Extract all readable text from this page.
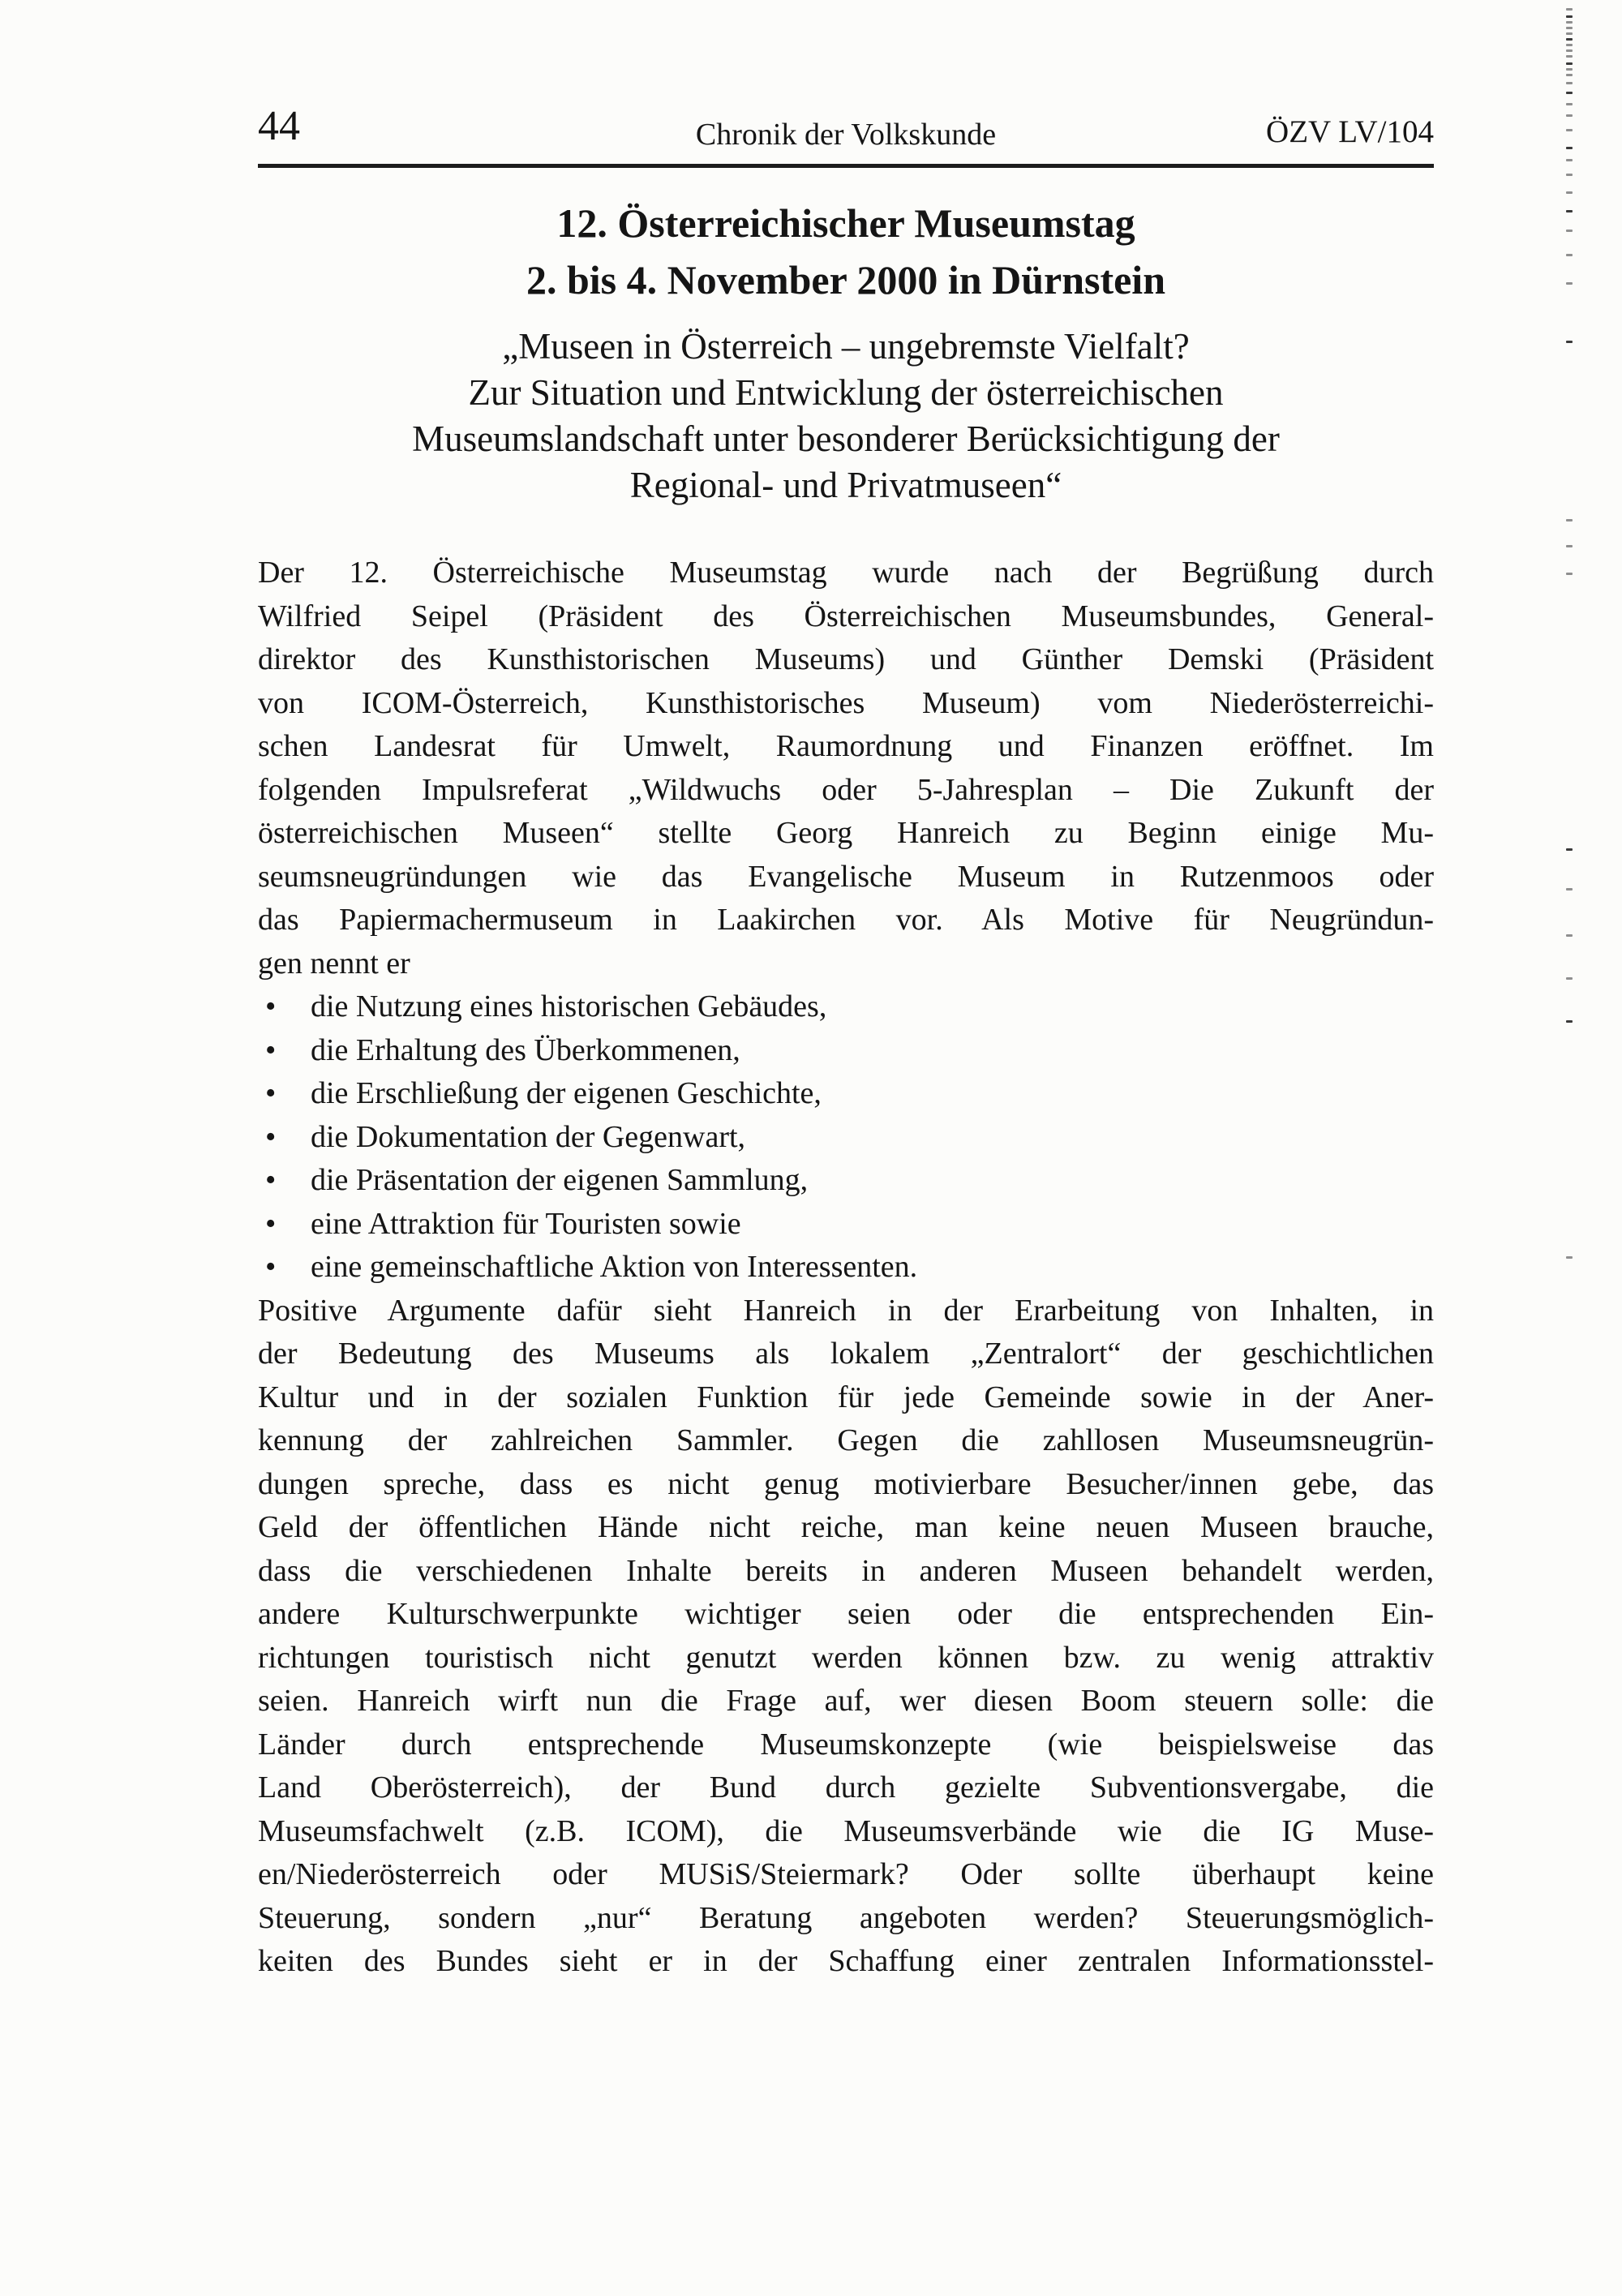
44	Chronik der Volkskunde	ÖZV LV/104
12. Österreichischer Museumstag
2. bis 4. November 2000 in Dürnstein
„Museen in Österreich – ungebremste Vielfalt?
Zur Situation und Entwicklung der österreichischen
Museumslandschaft unter besonderer Berücksichtigung der
Regional- und Privatmuseen“
Der 12. Österreichische Museumstag wurde nach der Begrüßung durch
Wilfried Seipel (Präsident des Österreichischen Museumsbundes, General-
direktor des Kunsthistorischen Museums) und Günther Demski (Präsident
von ICOM-Österreich, Kunsthistorisches Museum) vom Niederösterreichi-
schen Landesrat für Umwelt, Raumordnung und Finanzen eröffnet. Im
folgenden Impulsreferat „Wildwuchs oder 5-Jahresplan – Die Zukunft der
österreichischen Museen“ stellte Georg Hanreich zu Beginn einige Mu-
seumsneugründungen wie das Evangelische Museum in Rutzenmoos oder
das Papiermachermuseum in Laakirchen vor. Als Motive für Neugründun-
gen nennt er
•	die Nutzung eines historischen Gebäudes,
•	die Erhaltung des Überkommenen,
•	die Erschließung der eigenen Geschichte,
•	die Dokumentation der Gegenwart,
•	die Präsentation der eigenen Sammlung,
•	eine Attraktion für Touristen sowie
•	eine gemeinschaftliche Aktion von Interessenten.
Positive Argumente dafür sieht Hanreich in der Erarbeitung von Inhalten, in
der Bedeutung des Museums als lokalem „Zentralort“ der geschichtlichen
Kultur und in der sozialen Funktion für jede Gemeinde sowie in der Aner-
kennung der zahlreichen Sammler. Gegen die zahllosen Museumsneugrün-
dungen spreche, dass es nicht genug motivierbare Besucher/innen gebe, das
Geld der öffentlichen Hände nicht reiche, man keine neuen Museen brauche,
dass die verschiedenen Inhalte bereits in anderen Museen behandelt werden,
andere Kulturschwerpunkte wichtiger seien oder die entsprechenden Ein-
richtungen touristisch nicht genutzt werden können bzw. zu wenig attraktiv
seien. Hanreich wirft nun die Frage auf, wer diesen Boom steuern solle: die
Länder durch entsprechende Museumskonzepte (wie beispielsweise das
Land Oberösterreich), der Bund durch gezielte Subventionsvergabe, die
Museumsfachwelt (z.B. ICOM), die Museumsverbände wie die IG Muse-
en/Niederösterreich oder MUSiS/Steiermark? Oder sollte überhaupt keine
Steuerung, sondern „nur“ Beratung angeboten werden? Steuerungsmöglich-
keiten des Bundes sieht er in der Schaffung einer zentralen Informationsstel-
